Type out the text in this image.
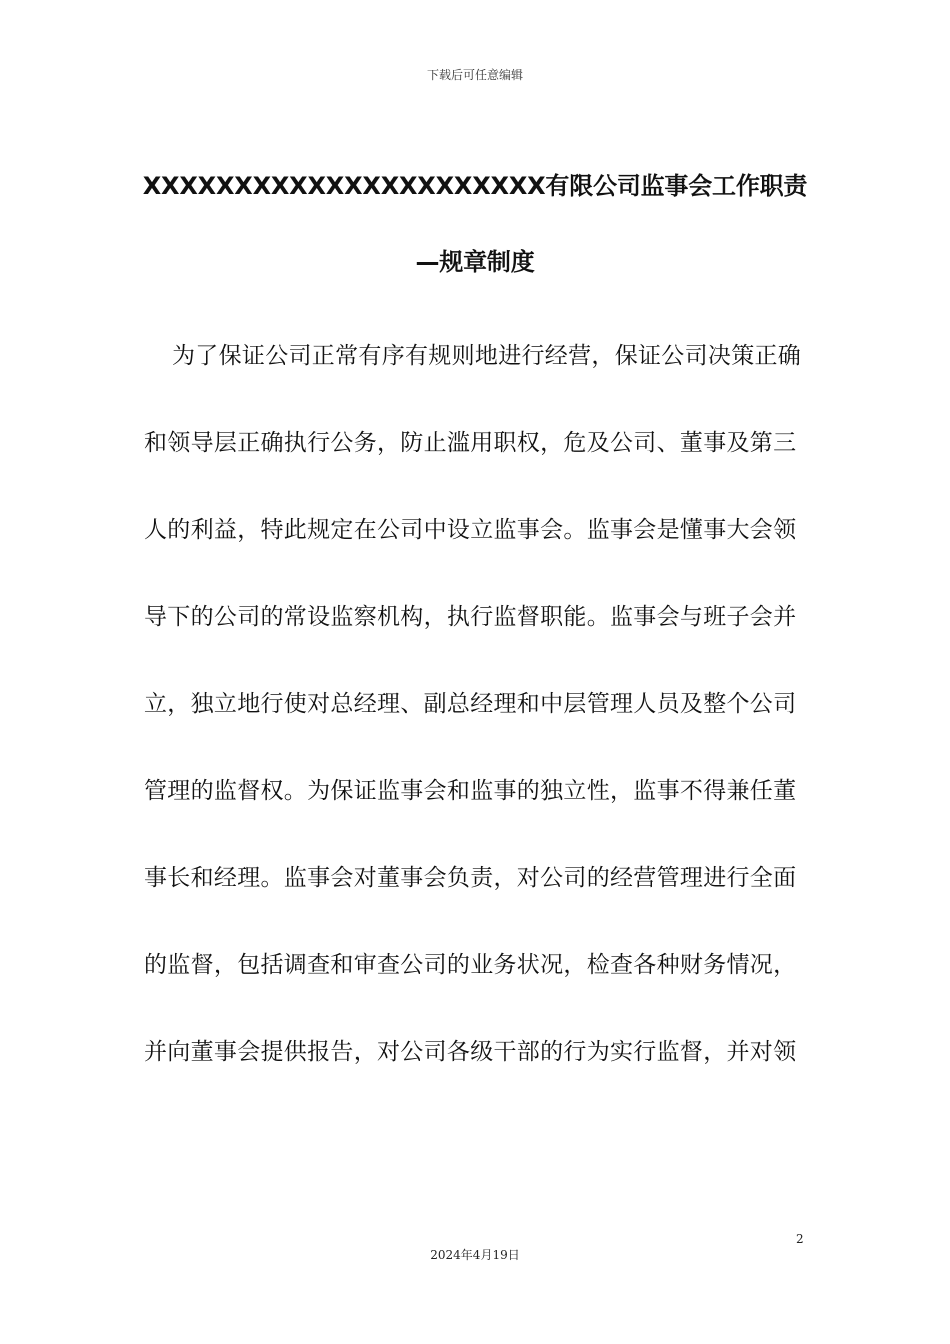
下载后可任意编辑
XXXXXXXXXXXXXXXXXXXXXX有限公司监事会工作职责—规章制度
为了保证公司正常有序有规则地进行经营，保证公司决策正确
和领导层正确执行公务，防止滥用职权，危及公司、董事及第三
人的利益，特此规定在公司中设立监事会。监事会是懂事大会领
导下的公司的常设监察机构，执行监督职能。监事会与班子会并
立，独立地行使对总经理、副总经理和中层管理人员及整个公司
管理的监督权。为保证监事会和监事的独立性，监事不得兼任董
事长和经理。监事会对董事会负责，对公司的经营管理进行全面
的监督，包括调查和审查公司的业务状况，检查各种财务情况，
并向董事会提供报告，对公司各级干部的行为实行监督，并对领
2
2024年4月19日
